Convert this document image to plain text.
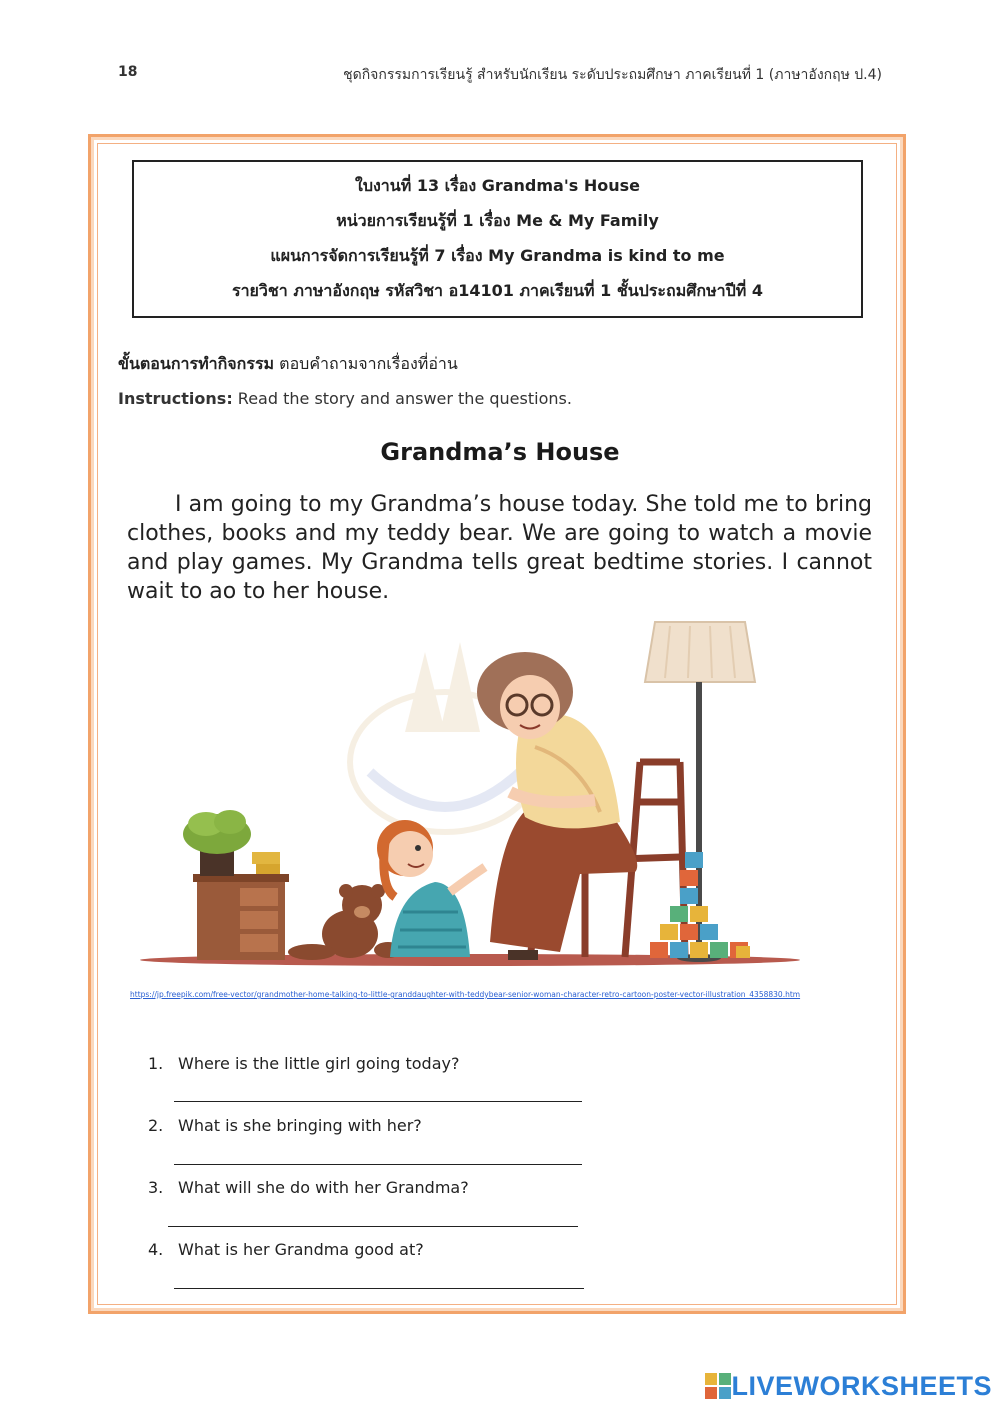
18	ชุดกิจกรรมการเรียนรู้ สำหรับนักเรียน ระดับประถมศึกษา ภาคเรียนที่ 1 (ภาษาอังกฤษ ป.4)
ใบงานที่ 13 เรื่อง Grandma's House
หน่วยการเรียนรู้ที่ 1 เรื่อง Me & My Family
แผนการจัดการเรียนรู้ที่ 7 เรื่อง My Grandma is kind to me
รายวิชา ภาษาอังกฤษ รหัสวิชา อ14101 ภาคเรียนที่ 1 ชั้นประถมศึกษาปีที่ 4
ขั้นตอนการทำกิจกรรม ตอบคำถามจากเรื่องที่อ่าน
Instructions: Read the story and answer the questions.
Grandma’s House

I am going to my Grandma’s house today. She told me to bring clothes, books and my teddy bear. We are going to watch a movie and play games. My Grandma tells great bedtime stories. I cannot wait to ao to her house.

https://jp.freepik.com/free-vector/grandmother-home-talking-to-little-granddaughter-with-teddybear-senior-woman-character-retro-cartoon-poster-vector-illustration_4358830.htm
1. Where is the little girl going today?
2. What is she bringing with her?
3. What will she do with her Grandma?
4. What is her Grandma good at?
LIVEWORKSHEETS
